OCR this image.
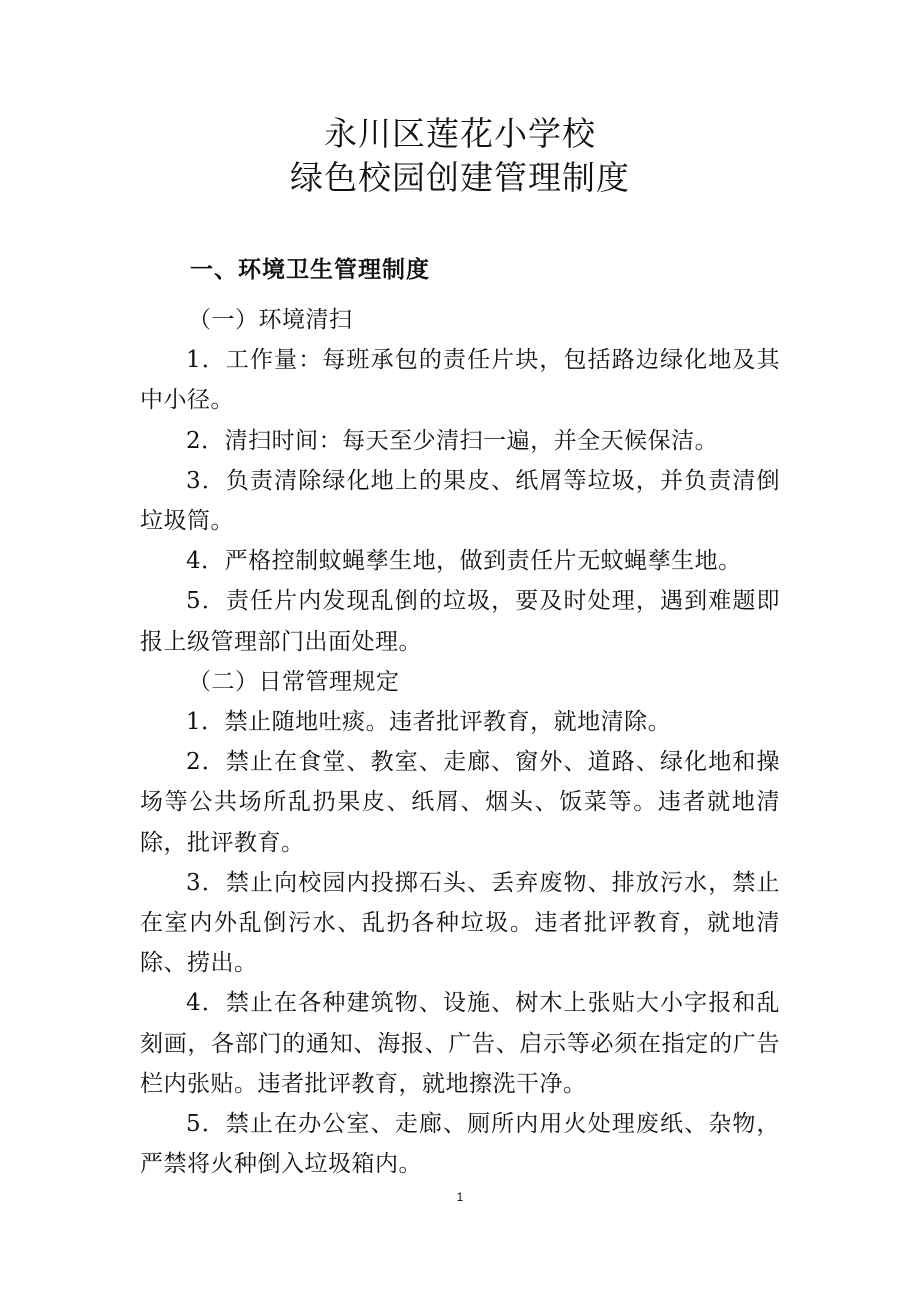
永川区莲花小学校
绿色校园创建管理制度
一、环境卫生管理制度

（一）环境清扫

1．工作量：每班承包的责任片块，包括路边绿化地及其中小径。

2．清扫时间：每天至少清扫一遍，并全天候保洁。

3．负责清除绿化地上的果皮、纸屑等垃圾，并负责清倒垃圾筒。

4．严格控制蚊蝇孳生地，做到责任片无蚊蝇孳生地。

5．责任片内发现乱倒的垃圾，要及时处理，遇到难题即报上级管理部门出面处理。

（二）日常管理规定

1．禁止随地吐痰。违者批评教育，就地清除。

2．禁止在食堂、教室、走廊、窗外、道路、绿化地和操场等公共场所乱扔果皮、纸屑、烟头、饭菜等。违者就地清除，批评教育。

3．禁止向校园内投掷石头、丢弃废物、排放污水，禁止在室内外乱倒污水、乱扔各种垃圾。违者批评教育，就地清除、捞出。

4．禁止在各种建筑物、设施、树木上张贴大小字报和乱刻画，各部门的通知、海报、广告、启示等必须在指定的广告栏内张贴。违者批评教育，就地擦洗干净。

5．禁止在办公室、走廊、厕所内用火处理废纸、杂物，严禁将火种倒入垃圾箱内。

1
